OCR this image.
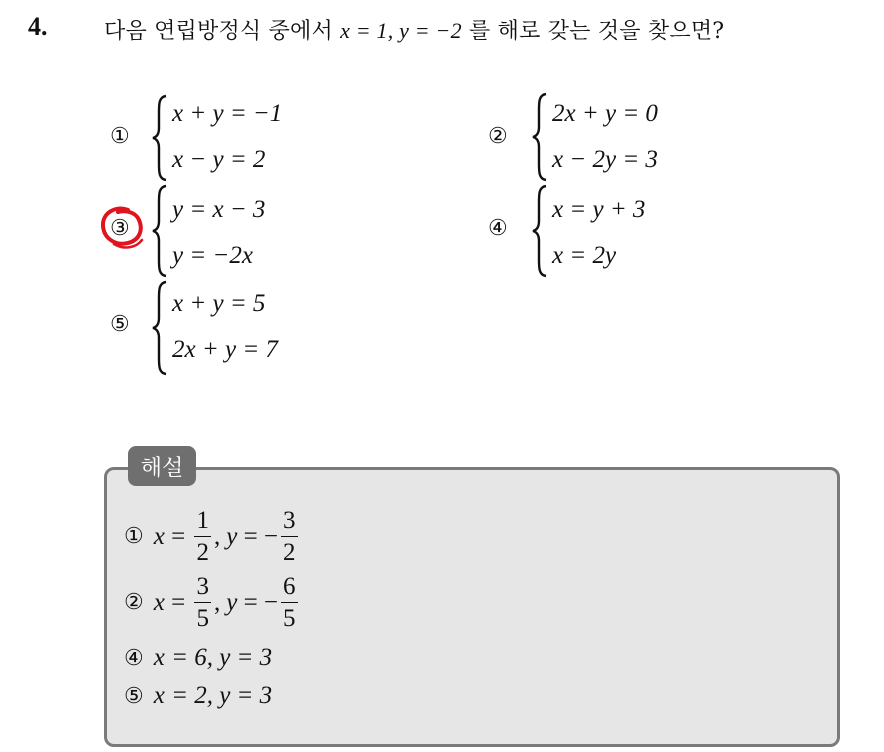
4.	다음 연립방정식 중에서 x = 1, y = −2 를 해로 갖는 것을 찾으면?
①
x + y = −1
x − y = 2
②
2x + y = 0
x − 2y = 3
③
y = x − 3
y = −2x
④
x = y + 3
x = 2y
⑤
x + y = 5
2x + y = 7
해설
① $x = \frac{1}{2}$ , y = − $\frac{3}{2}$
② $x = \frac{3}{5}$ , y = − $\frac{6}{5}$
④ x = 6, y = 3
⑤ x = 2, y = 3
